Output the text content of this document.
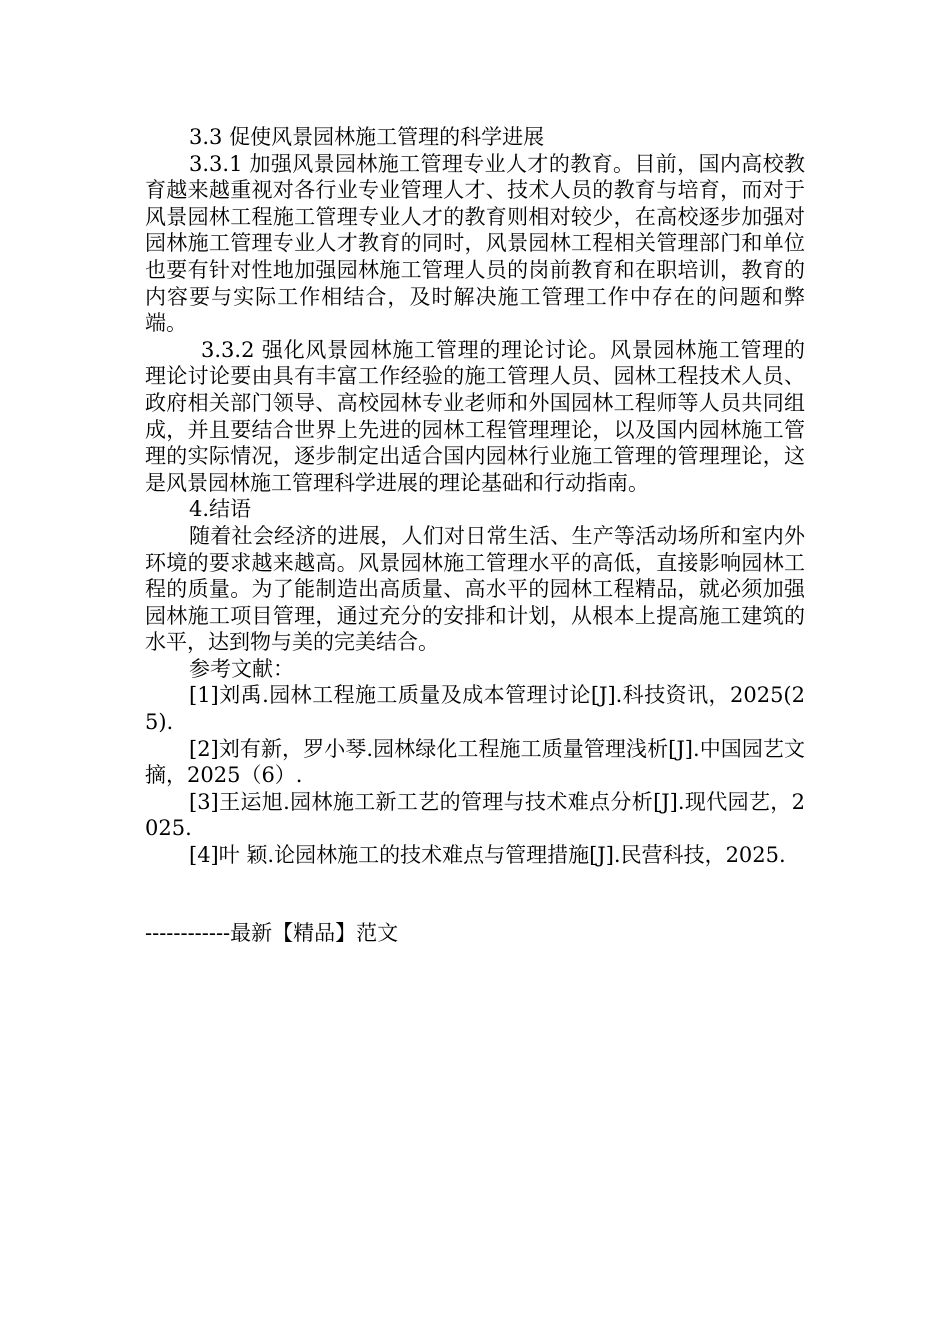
3.3 促使风景园林施工管理的科学进展

3.3.1 加强风景园林施工管理专业人才的教育。目前，国内高校教育越来越重视对各行业专业管理人才、技术人员的教育与培育，而对于风景园林工程施工管理专业人才的教育则相对较少，在高校逐步加强对园林施工管理专业人才教育的同时，风景园林工程相关管理部门和单位也要有针对性地加强园林施工管理人员的岗前教育和在职培训，教育的内容要与实际工作相结合，及时解决施工管理工作中存在的问题和弊端。

3.3.2 强化风景园林施工管理的理论讨论。风景园林施工管理的理论讨论要由具有丰富工作经验的施工管理人员、园林工程技术人员、政府相关部门领导、高校园林专业老师和外国园林工程师等人员共同组成，并且要结合世界上先进的园林工程管理理论，以及国内园林施工管理的实际情况，逐步制定出适合国内园林行业施工管理的管理理论，这是风景园林施工管理科学进展的理论基础和行动指南。

4.结语

随着社会经济的进展，人们对日常生活、生产等活动场所和室内外环境的要求越来越高。风景园林施工管理水平的高低，直接影响园林工程的质量。为了能制造出高质量、高水平的园林工程精品，就必须加强园林施工项目管理，通过充分的安排和计划，从根本上提高施工建筑的水平，达到物与美的完美结合。

参考文献：

[1]刘禹.园林工程施工质量及成本管理讨论[J].科技资讯，2025(25).

[2]刘有新，罗小琴.园林绿化工程施工质量管理浅析[J].中国园艺文摘，2025（6）.

[3]王运旭.园林施工新工艺的管理与技术难点分析[J].现代园艺，2025.

[4]叶 颖.论园林施工的技术难点与管理措施[J].民营科技，2025.

------------最新【精品】范文
